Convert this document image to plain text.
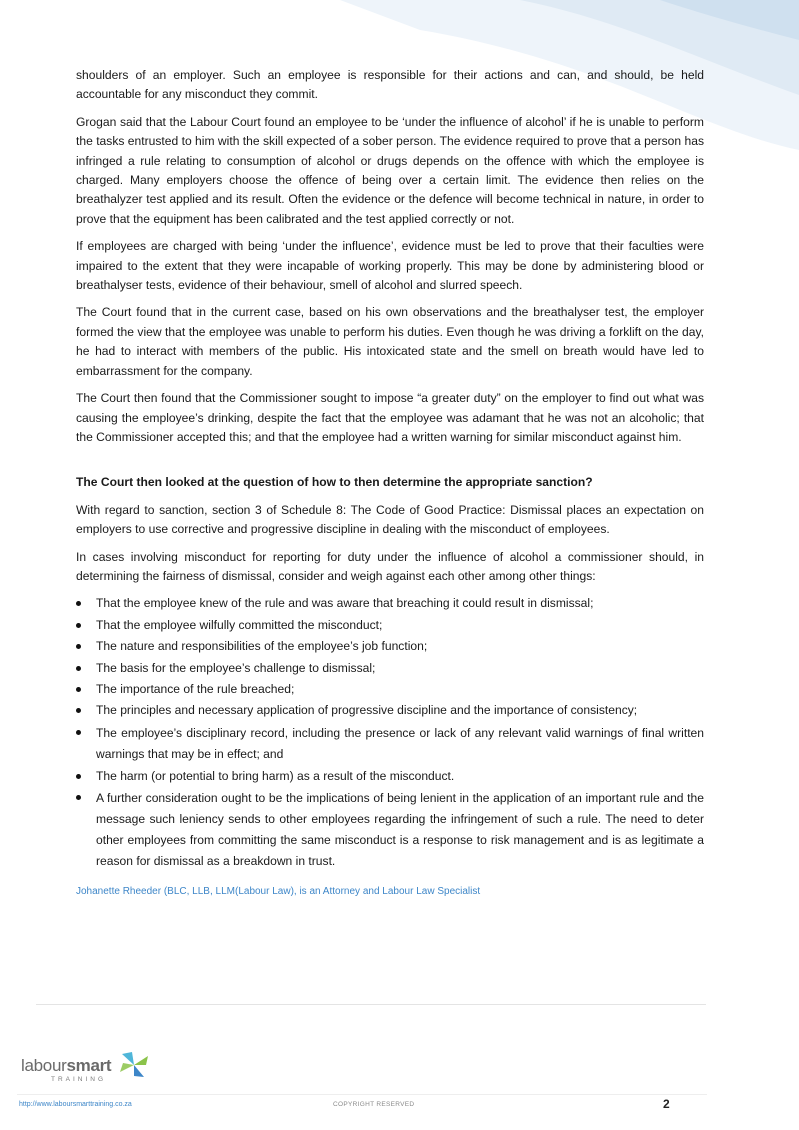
shoulders of an employer. Such an employee is responsible for their actions and can, and should, be held accountable for any misconduct they commit.

Grogan said that the Labour Court found an employee to be ‘under the influence of alcohol’ if he is unable to perform the tasks entrusted to him with the skill expected of a sober person. The evidence required to prove that a person has infringed a rule relating to consumption of alcohol or drugs depends on the offence with which the employee is charged. Many employers choose the offence of being over a certain limit. The evidence then relies on the breathalyzer test applied and its result. Often the evidence or the defence will become technical in nature, in order to prove that the equipment has been calibrated and the test applied correctly or not.

If employees are charged with being ‘under the influence’, evidence must be led to prove that their faculties were impaired to the extent that they were incapable of working properly. This may be done by administering blood or breathalyser tests, evidence of their behaviour, smell of alcohol and slurred speech.

The Court found that in the current case, based on his own observations and the breathalyser test, the employer formed the view that the employee was unable to perform his duties. Even though he was driving a forklift on the day, he had to interact with members of the public. His intoxicated state and the smell on breath would have led to embarrassment for the company.

The Court then found that the Commissioner sought to impose “a greater duty” on the employer to find out what was causing the employee’s drinking, despite the fact that the employee was adamant that he was not an alcoholic; that the Commissioner accepted this; and that the employee had a written warning for similar misconduct against him.

The Court then looked at the question of how to then determine the appropriate sanction?

With regard to sanction, section 3 of Schedule 8: The Code of Good Practice: Dismissal places an expectation on employers to use corrective and progressive discipline in dealing with the misconduct of employees.

In cases involving misconduct for reporting for duty under the influence of alcohol a commissioner should, in determining the fairness of dismissal, consider and weigh against each other among other things:

That the employee knew of the rule and was aware that breaching it could result in dismissal;
That the employee wilfully committed the misconduct;
The nature and responsibilities of the employee’s job function;
The basis for the employee’s challenge to dismissal;
The importance of the rule breached;
The principles and necessary application of progressive discipline and the importance of consistency;
The employee’s disciplinary record, including the presence or lack of any relevant valid warnings of final written warnings that may be in effect; and
The harm (or potential to bring harm) as a result of the misconduct.
A further consideration ought to be the implications of being lenient in the application of an important rule and the message such leniency sends to other employees regarding the infringement of such a rule. The need to deter other employees from committing the same misconduct is a response to risk management and is as legitimate a reason for dismissal as a breakdown in trust.
Johanette Rheeder (BLC, LLB, LLM(Labour Law), is an Attorney and Labour Law Specialist
laboursmart
TRAINING
http://www.laboursmarttraining.co.za	COPYRIGHT RESERVED	2
